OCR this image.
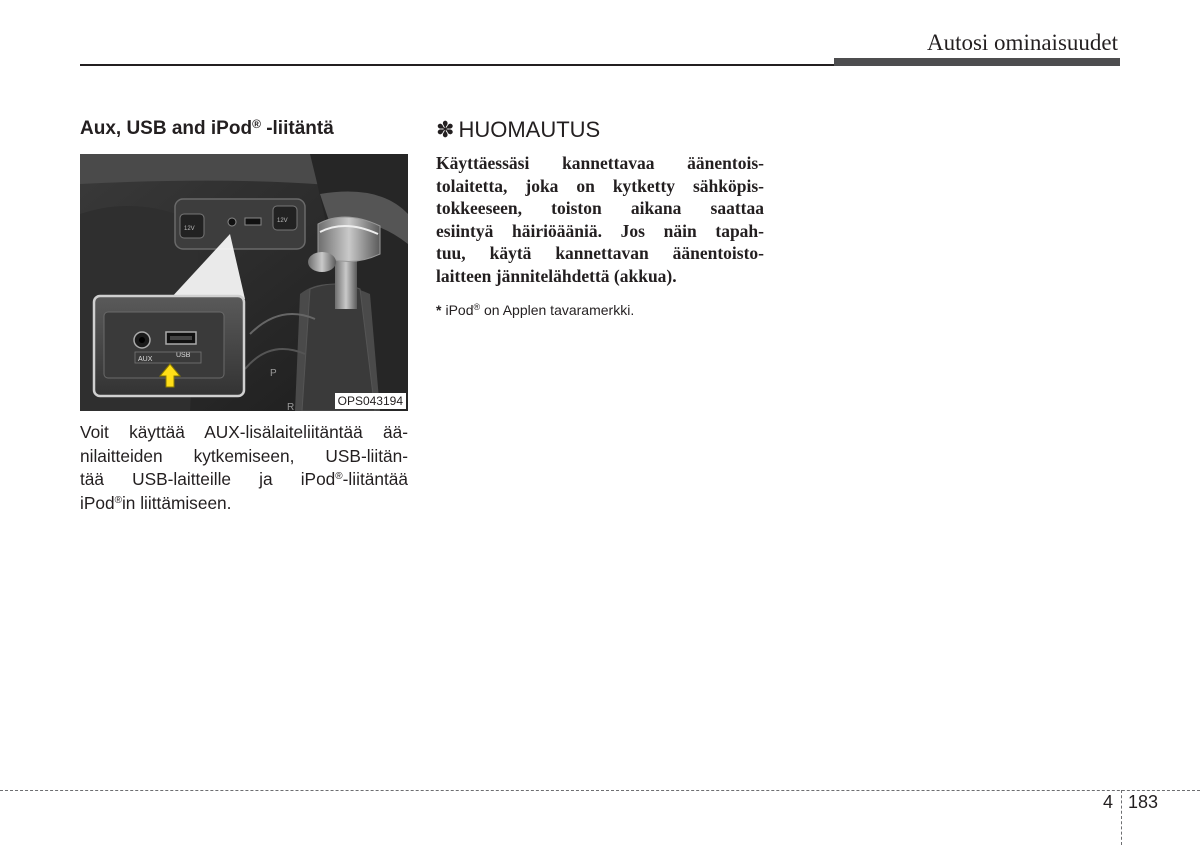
Autosi ominaisuudet
Aux, USB and iPod® -liitäntä
12V
12V
P
R
AUX
USB
OPS043194
Voit käyttää AUX-lisälaiteliitäntää ää-
nilaitteiden kytkemiseen, USB-liitän-
tää USB-laitteille ja iPod®-liitäntää
iPod®in liittämiseen.
✽ HUOMAUTUS
Käyttäessäsi kannettavaa äänentois-
tolaitetta, joka on kytketty sähköpis-
tokkeeseen, toiston aikana saattaa
esiintyä häiriöääniä. Jos näin tapah-
tuu, käytä kannettavan äänentoisto-
laitteen jännitelähdettä (akkua).
* iPod® on Applen tavaramerkki.
4 183
